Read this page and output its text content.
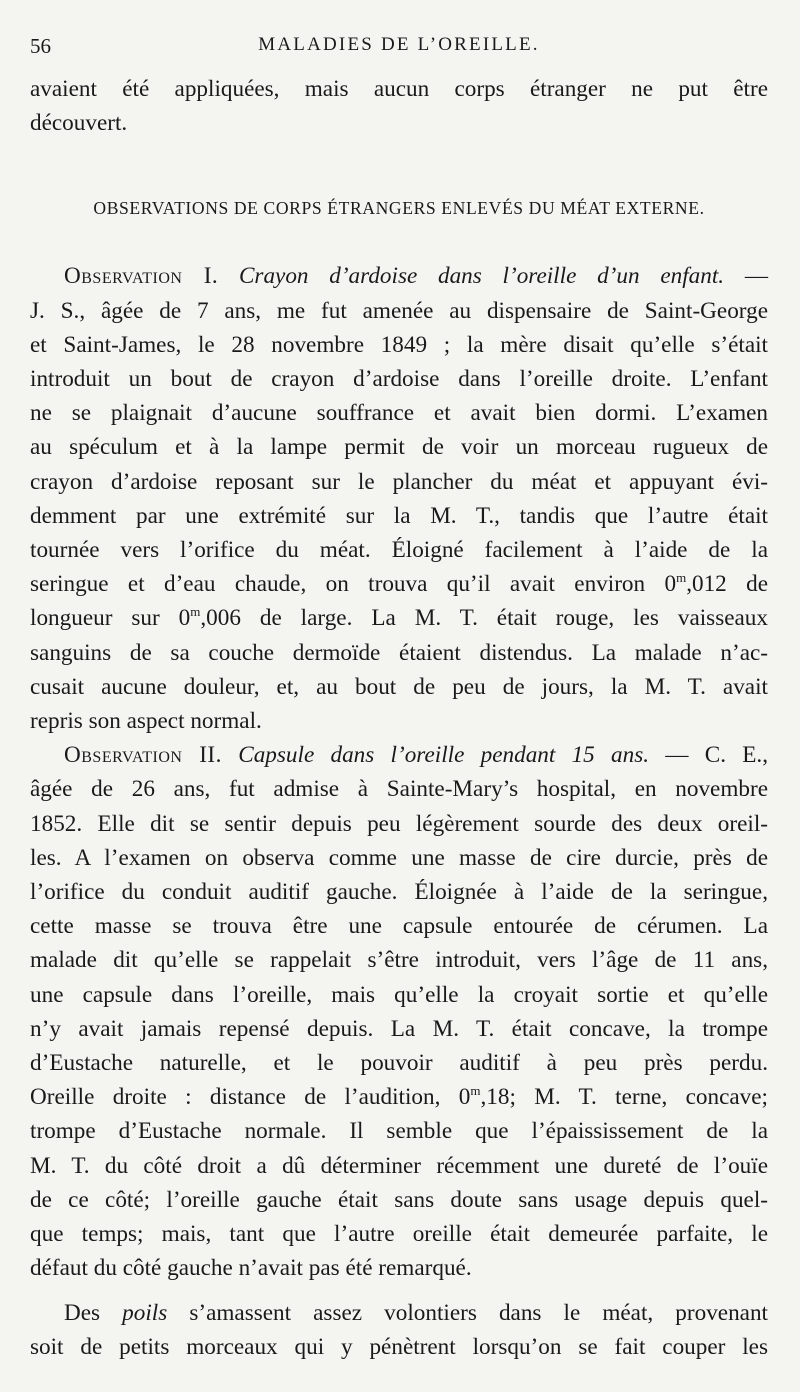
56	MALADIES DE L’OREILLE.

avaient été appliquées, mais aucun corps étranger ne put être
découvert.

OBSERVATIONS DE CORPS ÉTRANGERS ENLEVÉS DU MÉAT EXTERNE.

Observation I. Crayon d’ardoise dans l’oreille d’un enfant. —
J. S., âgée de 7 ans, me fut amenée au dispensaire de Saint-George
et Saint-James, le 28 novembre 1849 ; la mère disait qu’elle s’était
introduit un bout de crayon d’ardoise dans l’oreille droite. L’enfant
ne se plaignait d’aucune souffrance et avait bien dormi. L’examen
au spéculum et à la lampe permit de voir un morceau rugueux de
crayon d’ardoise reposant sur le plancher du méat et appuyant évi-
demment par une extrémité sur la M. T., tandis que l’autre était
tournée vers l’orifice du méat. Éloigné facilement à l’aide de la
seringue et d’eau chaude, on trouva qu’il avait environ 0$^m$,012 de
longueur sur 0$^m$,006 de large. La M. T. était rouge, les vaisseaux
sanguins de sa couche dermoïde étaient distendus. La malade n’ac-
cusait aucune douleur, et, au bout de peu de jours, la M. T. avait
repris son aspect normal.

Observation II. Capsule dans l’oreille pendant 15 ans. — C. E.,
âgée de 26 ans, fut admise à Sainte-Mary’s hospital, en novembre
1852. Elle dit se sentir depuis peu légèrement sourde des deux oreil-
les. A l’examen on observa comme une masse de cire durcie, près de
l’orifice du conduit auditif gauche. Éloignée à l’aide de la seringue,
cette masse se trouva être une capsule entourée de cérumen. La
malade dit qu’elle se rappelait s’être introduit, vers l’âge de 11 ans,
une capsule dans l’oreille, mais qu’elle la croyait sortie et qu’elle
n’y avait jamais repensé depuis. La M. T. était concave, la trompe
d’Eustache naturelle, et le pouvoir auditif à peu près perdu.
Oreille droite : distance de l’audition, 0$^m$,18; M. T. terne, concave;
trompe d’Eustache normale. Il semble que l’épaississement de la
M. T. du côté droit a dû déterminer récemment une dureté de l’ouïe
de ce côté; l’oreille gauche était sans doute sans usage depuis quel-
que temps; mais, tant que l’autre oreille était demeurée parfaite, le
défaut du côté gauche n’avait pas été remarqué.

Des poils s’amassent assez volontiers dans le méat, provenant
soit de petits morceaux qui y pénètrent lorsqu’on se fait couper les
